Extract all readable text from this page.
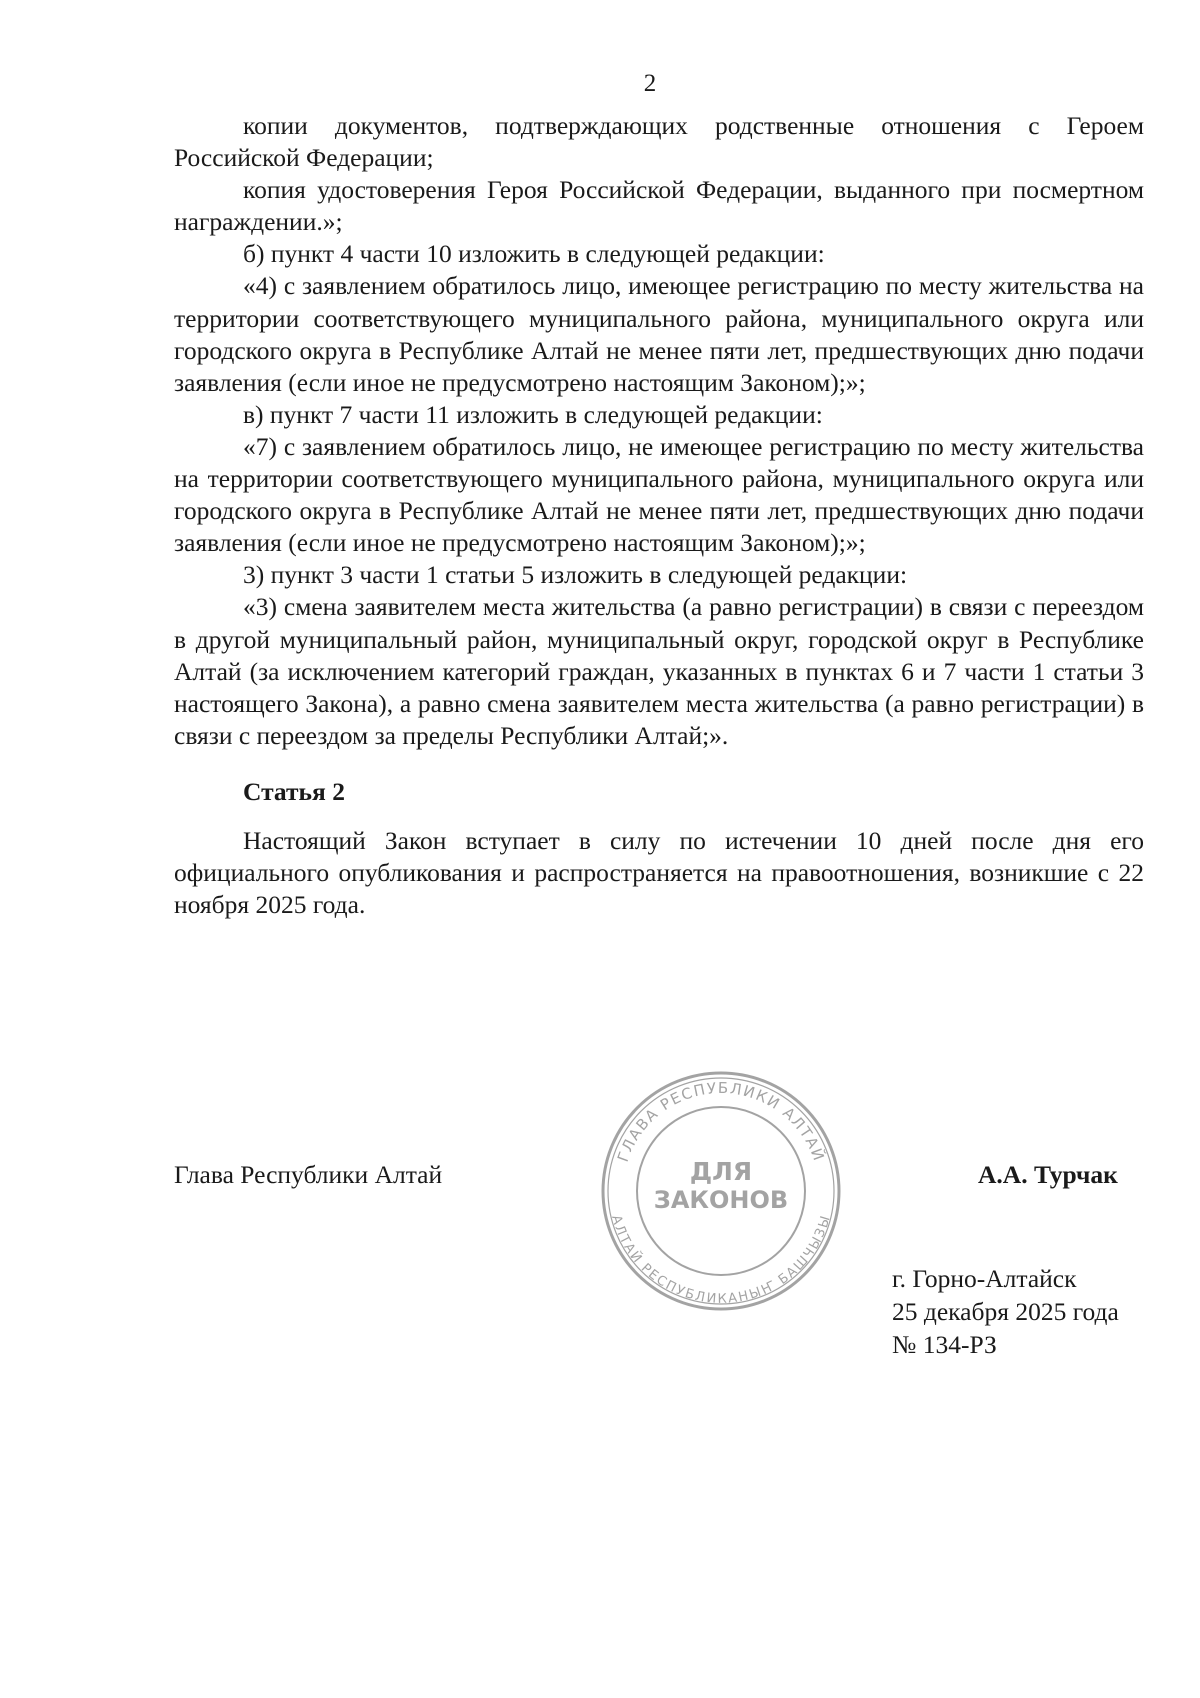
2

копии документов, подтверждающих родственные отношения с Героем Российской Федерации;

копия удостоверения Героя Российской Федерации, выданного при посмертном награждении.»;

б) пункт 4 части 10 изложить в следующей редакции:

«4) с заявлением обратилось лицо, имеющее регистрацию по месту жительства на территории соответствующего муниципального района, муниципального округа или городского округа в Республике Алтай не менее пяти лет, предшествующих дню подачи заявления (если иное не предусмотрено настоящим Законом);»;

в) пункт 7 части 11 изложить в следующей редакции:

«7) с заявлением обратилось лицо, не имеющее регистрацию по месту жительства на территории соответствующего муниципального района, муниципального округа или городского округа в Республике Алтай не менее пяти лет, предшествующих дню подачи заявления (если иное не предусмотрено настоящим Законом);»;

3) пункт 3 части 1 статьи 5 изложить в следующей редакции:

«3) смена заявителем места жительства (а равно регистрации) в связи с переездом в другой муниципальный район, муниципальный округ, городской округ в Республике Алтай (за исключением категорий граждан, указанных в пунктах 6 и 7 части 1 статьи 3 настоящего Закона), а равно смена заявителем места жительства (а равно регистрации) в связи с переездом за пределы Республики Алтай;».

Статья 2

Настоящий Закон вступает в силу по истечении 10 дней после дня его официального опубликования и распространяется на правоотношения, возникшие с 22 ноября 2025 года.

Глава Республики Алтай	А.А. Турчак
ГЛАВА РЕСПУБЛИКИ АЛТАЙ
АЛТАЙ РЕСПУБЛИКАНЫҤ БАШЧЫЗЫ
ДЛЯ
ЗАКОНОВ
г. Горно-Алтайск
25 декабря 2025 года
№ 134-РЗ
